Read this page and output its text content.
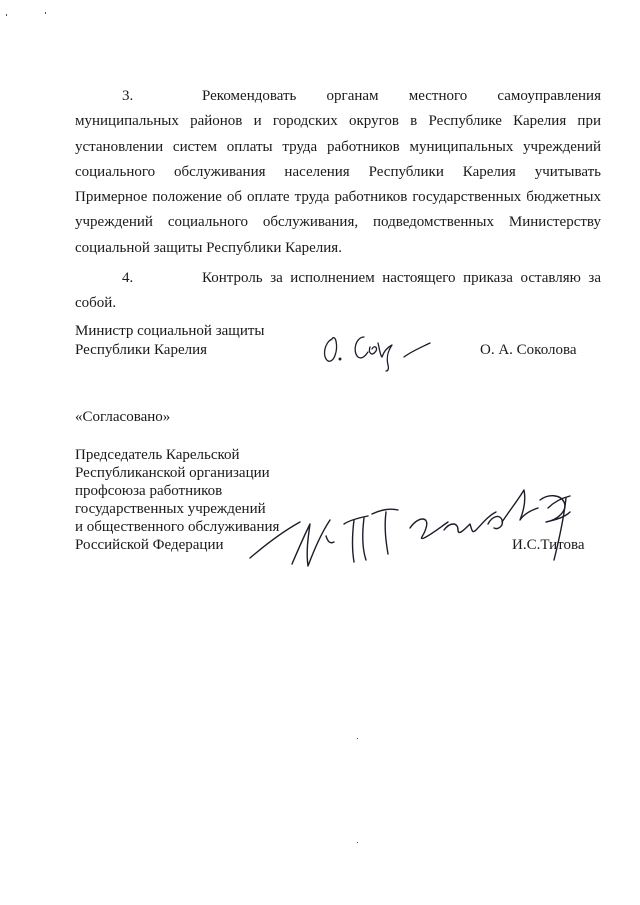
3.	Рекомендовать органам местного самоуправления муниципальных районов и городских округов в Республике Карелия при установлении систем оплаты труда работников муниципальных учреждений социального обслуживания населения Республики Карелия учитывать Примерное положение об оплате труда работников государственных бюджетных учреждений социального обслуживания, подведомственных Министерству социальной защиты Республики Карелия.
4.	Контроль за исполнением настоящего приказа оставляю за собой.
Министр социальной защиты
Республики Карелия	О. А. Соколова
«Согласовано»
Председатель Карельской
Республиканской организации
профсоюза работников
государственных учреждений
и общественного обслуживания
Российской Федерации	И.С.Титова
